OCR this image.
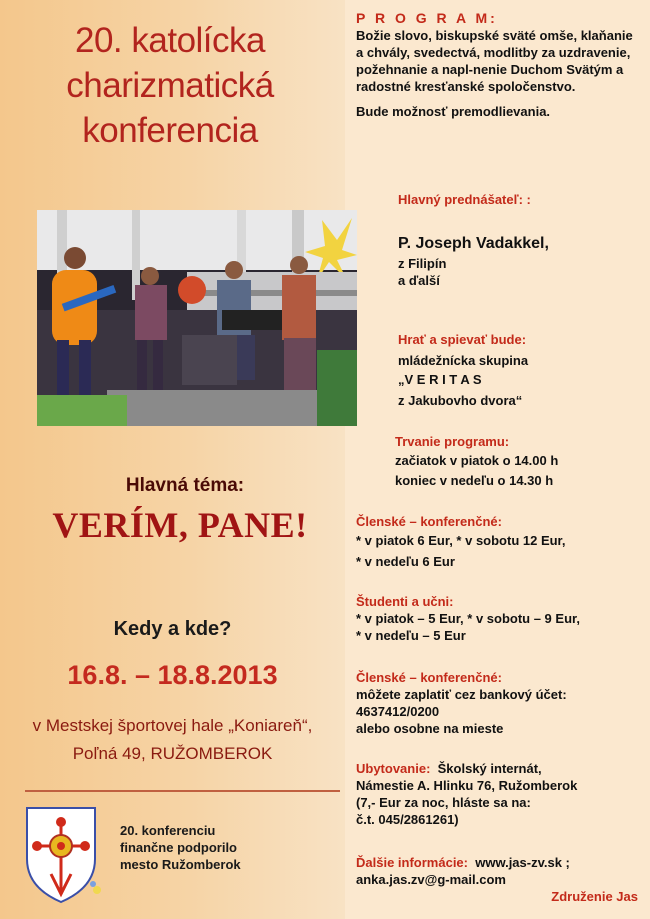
20. katolícka
charizmatická
konferencia
Hlavná téma:
VERÍM, PANE!
Kedy a kde?
16.8. – 18.8.2013
v Mestskej športovej hale „Koniareň“,
Poľná 49, RUŽOMBEROK
20. konferenciu
finančne podporilo
mesto Ružomberok
P R O G R A M:
Božie slovo, biskupské sväté omše, klaňanie a chvály, svedectvá, modlitby za uzdravenie, požehnanie a napl-nenie Duchom Svätým a radostné kresťanské spoločenstvo.
Bude možnosť premodlievania.
Hlavný prednášateľ: :
P. Joseph Vadakkel,
z Filipín
a ďalší
Hrať a spievať bude:
mládežnícka skupina
„V E R I T A S
z Jakubovho dvora“
Trvanie programu:
začiatok v piatok o 14.00 h
koniec v nedeľu o 14.30 h
Členské – konferenčné:
* v piatok 6 Eur, * v sobotu 12 Eur,
* v nedeľu 6 Eur
Študenti a učni:
* v piatok – 5 Eur, * v sobotu – 9 Eur,
* v nedeľu – 5 Eur
Členské – konferenčné:
môžete zaplatiť cez bankový účet:
4637412/0200
alebo osobne na mieste
Ubytovanie:  Školský internát,
Námestie A. Hlinku 76, Ružomberok
(7,- Eur za noc, hláste sa na:
č.t. 045/2861261)
Ďalšie informácie:  www.jas-zv.sk ;
anka.jas.zv@g-mail.com
Združenie Jas
